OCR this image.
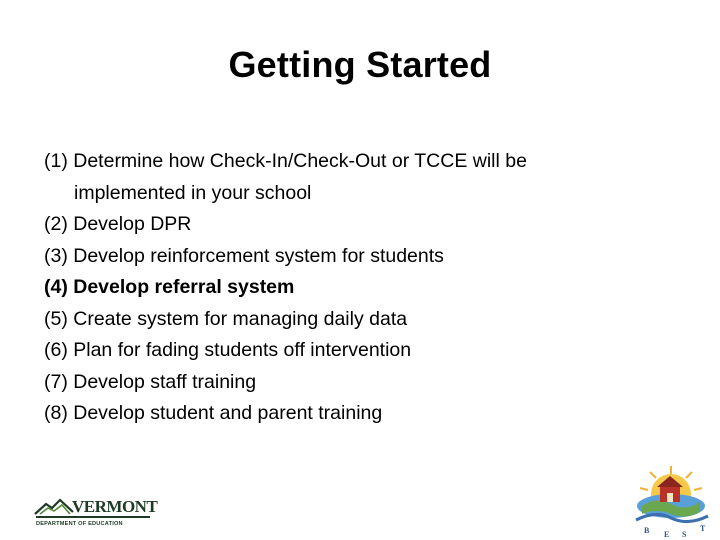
Getting Started
(1) Determine how Check-In/Check-Out or TCCE will be
implemented in your school
(2) Develop DPR
(3) Develop reinforcement system for students
(4) Develop referral system
(5) Create system for managing daily data
(6) Plan for fading students off intervention
(7) Develop staff training
(8) Develop student and parent training
VERMONT
DEPARTMENT OF EDUCATION
B E S
T
